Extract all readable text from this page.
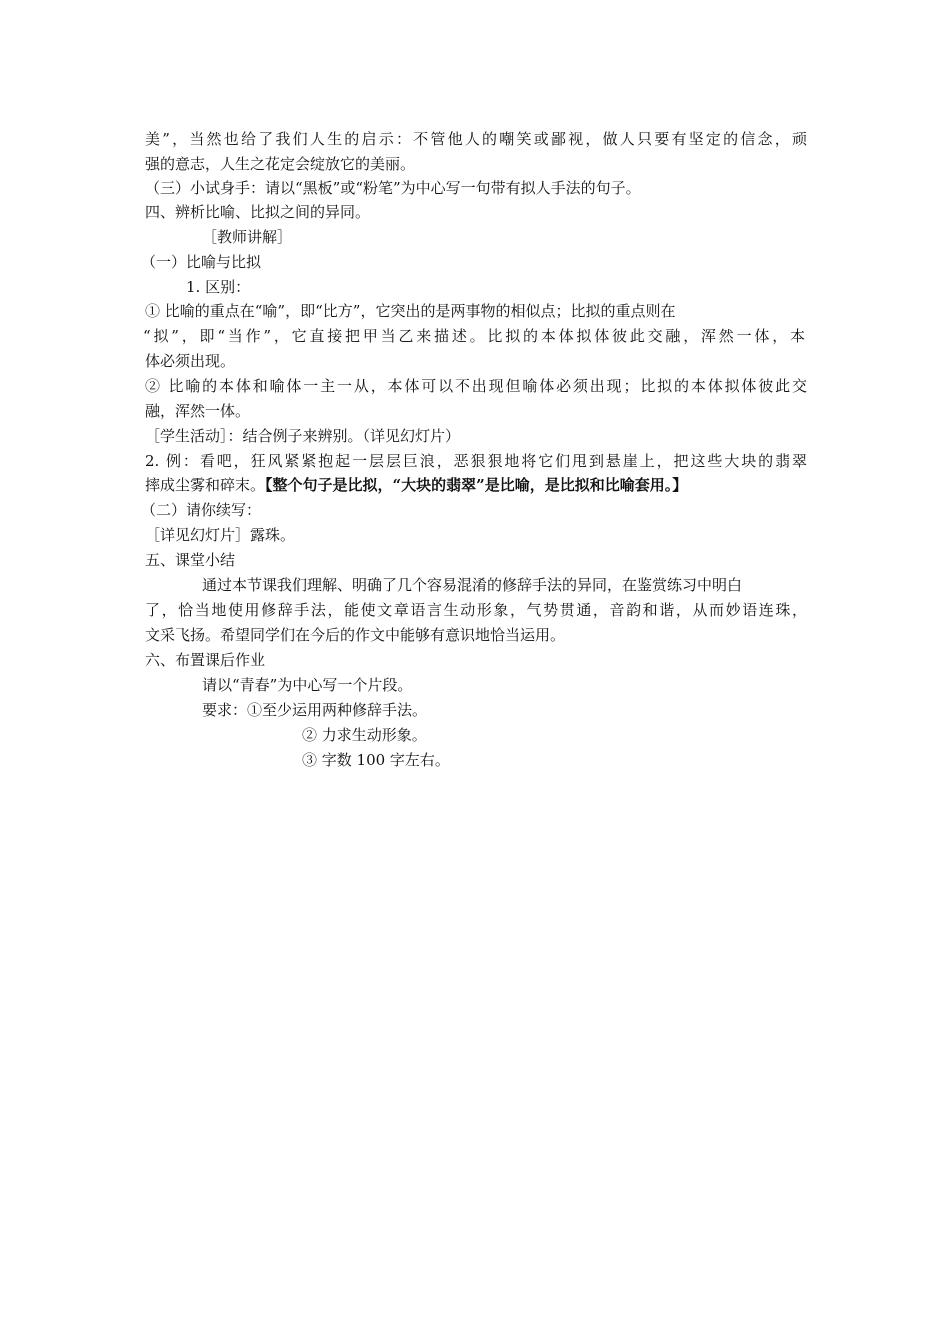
美”，当然也给了我们人生的启示：不管他人的嘲笑或鄙视，做人只要有坚定的信念，顽
强的意志，人生之花定会绽放它的美丽。
（三）小试身手：请以“黑板”或“粉笔”为中心写一句带有拟人手法的句子。
四、辨析比喻、比拟之间的异同。
［教师讲解］
（一）比喻与比拟
1. 区别：
① 比喻的重点在“喻”，即“比方”，它突出的是两事物的相似点；比拟的重点则在
“拟”，即“当作”，它直接把甲当乙来描述。比拟的本体拟体彼此交融，浑然一体，本
体必须出现。
② 比喻的本体和喻体一主一从，本体可以不出现但喻体必须出现；比拟的本体拟体彼此交
融，浑然一体。
［学生活动］：结合例子来辨别。（详见幻灯片）
2. 例：看吧，狂风紧紧抱起一层层巨浪，恶狠狠地将它们甩到悬崖上，把这些大块的翡翠
摔成尘雾和碎末。【整个句子是比拟，“大块的翡翠”是比喻，是比拟和比喻套用。】
（二）请你续写：
［详见幻灯片］露珠。
五、课堂小结
通过本节课我们理解、明确了几个容易混淆的修辞手法的异同，在鉴赏练习中明白
了，恰当地使用修辞手法，能使文章语言生动形象，气势贯通，音韵和谐，从而妙语连珠，
文采飞扬。希望同学们在今后的作文中能够有意识地恰当运用。
六、布置课后作业
请以“青春”为中心写一个片段。
要求：①至少运用两种修辞手法。
② 力求生动形象。
③ 字数 100 字左右。
